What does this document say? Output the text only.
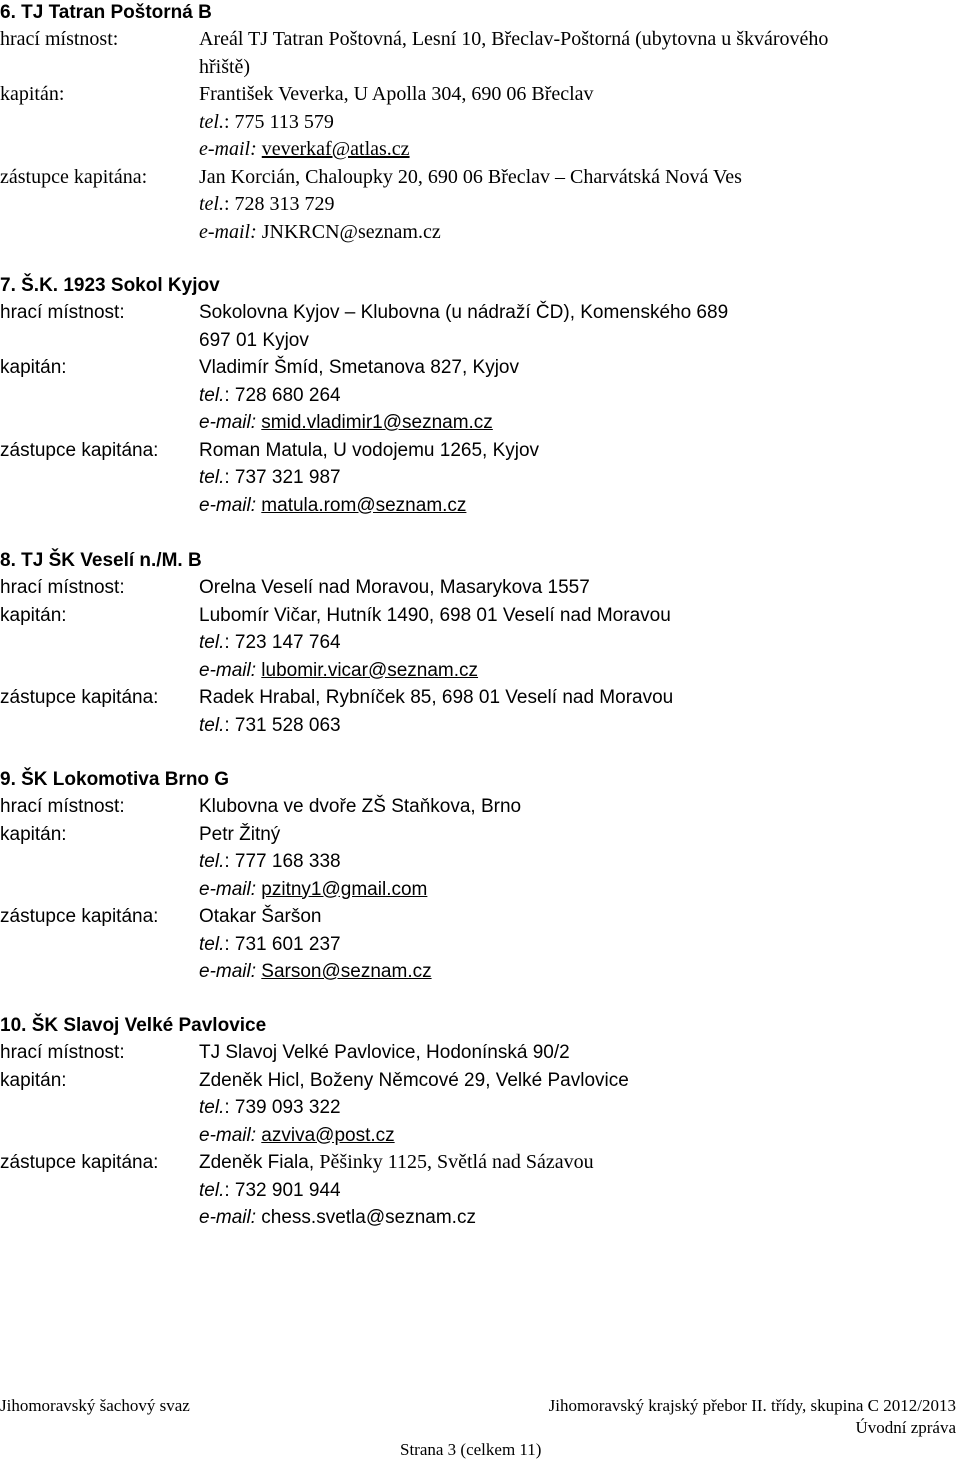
6. TJ Tatran Poštorná B
hrací místnost:	Areál TJ Tatran Poštovná, Lesní 10, Břeclav-Poštorná (ubytovna u škvárového
hřiště)
kapitán:	František Veverka, U Apolla 304, 690 06 Břeclav
tel.: 775 113 579
e-mail: veverkaf@atlas.cz
zástupce kapitána:	Jan Korcián, Chaloupky 20, 690 06 Břeclav – Charvátská Nová Ves
tel.: 728 313 729
e-mail: JNKRCN@seznam.cz
7. Š.K. 1923 Sokol Kyjov
hrací místnost:	Sokolovna Kyjov – Klubovna (u nádraží ČD), Komenského 689
697 01 Kyjov
kapitán:	Vladimír Šmíd, Smetanova 827, Kyjov
tel.: 728 680 264
e-mail: smid.vladimir1@seznam.cz
zástupce kapitána: Roman Matula, U vodojemu 1265, Kyjov
tel.: 737 321 987
e-mail: matula.rom@seznam.cz
8. TJ ŠK Veselí n./M. B
hrací místnost:	Orelna Veselí nad Moravou, Masarykova 1557
kapitán:	Lubomír Vičar, Hutník 1490, 698 01 Veselí nad Moravou
tel.: 723 147 764
e-mail: lubomir.vicar@seznam.cz
zástupce kapitána: Radek Hrabal, Rybníček 85, 698 01 Veselí nad Moravou
tel.: 731 528 063
9. ŠK Lokomotiva Brno G
hrací místnost:	Klubovna ve dvoře ZŠ Staňkova, Brno
kapitán:	Petr Žitný
tel.: 777 168 338
e-mail: pzitny1@gmail.com
zástupce kapitána: Otakar Šaršon
tel.: 731 601 237
e-mail: Sarson@seznam.cz
10. ŠK Slavoj Velké Pavlovice
hrací místnost:	TJ Slavoj Velké Pavlovice, Hodonínská 90/2
kapitán:	Zdeněk Hicl, Boženy Němcové 29, Velké Pavlovice
tel.: 739 093 322
e-mail: azviva@post.cz
zástupce kapitána: Zdeněk Fiala, Pěšinky 1125, Světlá nad Sázavou
tel.: 732 901 944
e-mail: chess.svetla@seznam.cz
Jihomoravský šachový svaz	Jihomoravský krajský přebor II. třídy, skupina C 2012/2013
Úvodní zpráva
Strana 3 (celkem 11)
